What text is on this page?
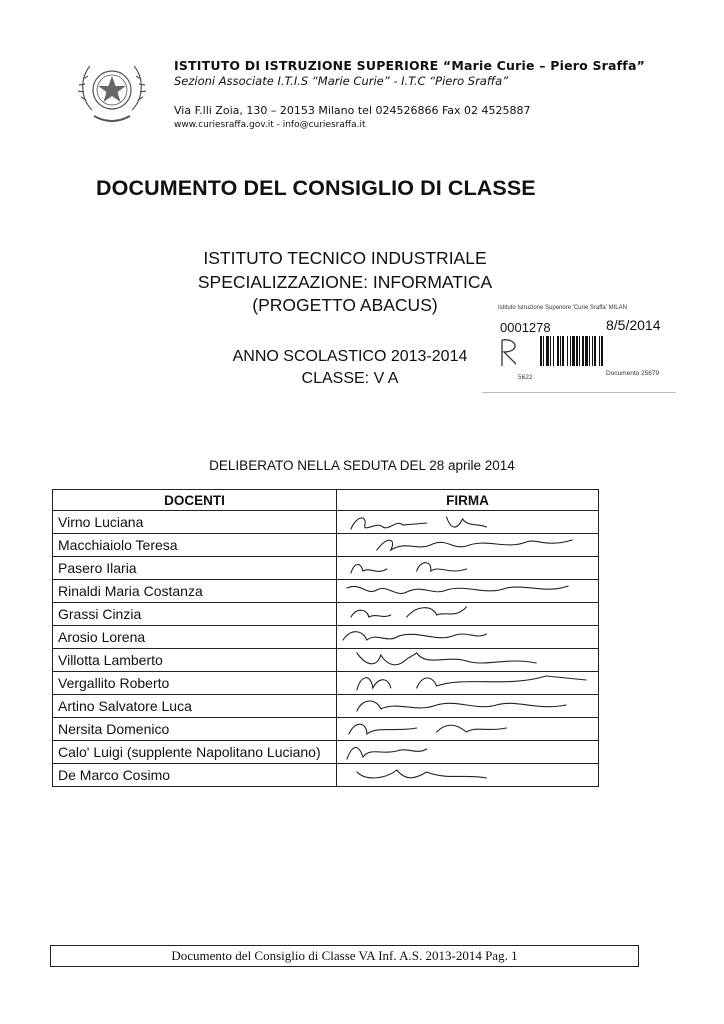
ISTITUTO DI ISTRUZIONE SUPERIORE “Marie Curie – Piero Sraffa”
Sezioni Associate I.T.I.S “Marie Curie” - I.T.C “Piero Sraffa”
Via F.lli Zoia, 130 – 20153 Milano tel 024526866 Fax 02 4525887
www.curiesraffa.gov.it - info@curiesraffa.it
DOCUMENTO DEL CONSIGLIO DI CLASSE
ISTITUTO TECNICO INDUSTRIALE
SPECIALIZZAZIONE: INFORMATICA
(PROGETTO ABACUS)
ANNO SCOLASTICO 2013-2014
CLASSE: V A
Istituto Istruzione Superiore 'Curie Sraffa' MILAN
0001278	8/5/2014
5622
Documento 25679
DELIBERATO NELLA SEDUTA DEL 28 aprile 2014
DOCENTI	FIRMA
Virno Luciana	

Macchiaiolo Teresa	

Pasero Ilaria	

Rinaldi Maria Costanza	

Grassi Cinzia	

Arosio Lorena	

Villotta Lamberto	

Vergallito Roberto	

Artino Salvatore Luca	

Nersita Domenico	

Calo' Luigi (supplente Napolitano Luciano)	

De Marco Cosimo	
Documento del Consiglio di Classe VA Inf. A.S. 2013-2014 Pag. 1
